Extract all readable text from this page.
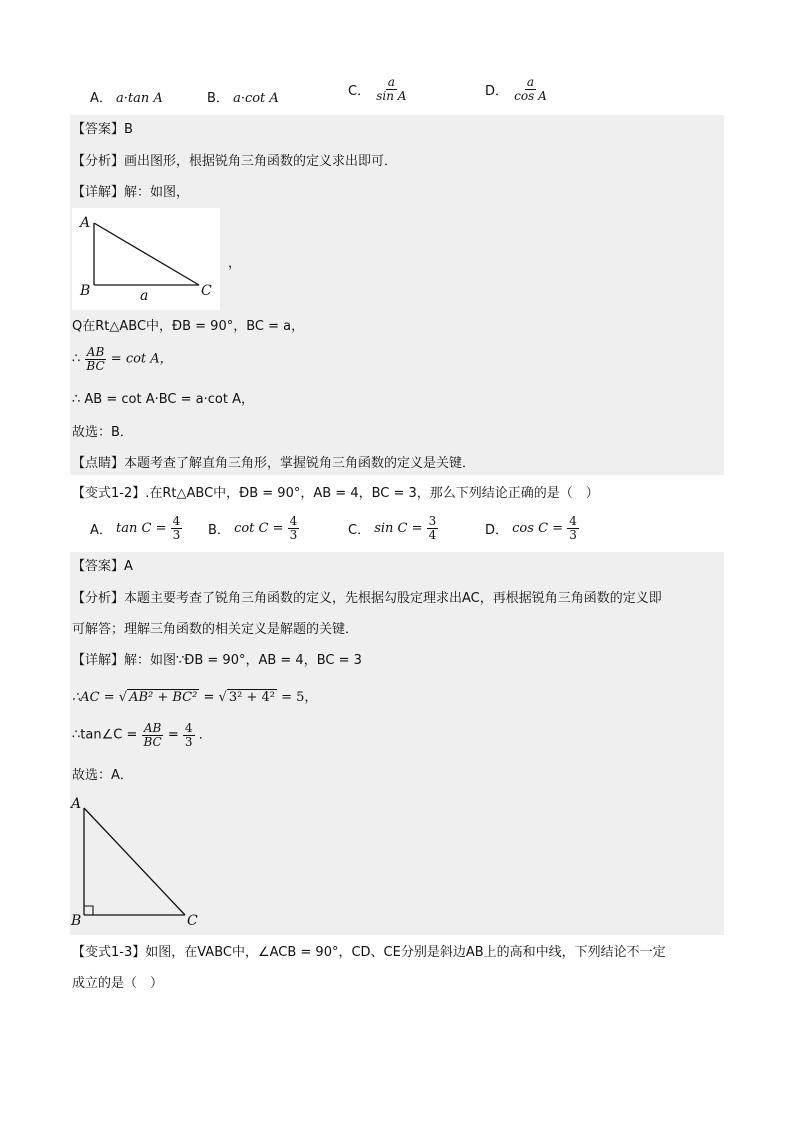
A． a·tan A	B． a·cot A	C． $\frac{a}{\text{sin A}}$	D． $\frac{a}{\text{cos A}}$
【答案】B
【分析】画出图形，根据锐角三角函数的定义求出即可．
【详解】解：如图，
A
B	C
a
，
Q在Rt△ABC中，ÐB = 90°，BC = a，
∴ $\frac{AB}{BC} = \cot A$，
∴ AB = cot A·BC = a·cot A，
故选：B．
【点睛】本题考查了解直角三角形，掌握锐角三角函数的定义是关键．
【变式1-2】.在Rt△ABC中，ÐB = 90°，AB = 4，BC = 3，那么下列结论正确的是（　）
A． $\tan C = \frac{4}{3}$ B． $\cot C = \frac{4}{3}$	C． $\sin C = \frac{3}{4}$	D． $\cos C = \frac{4}{3}$
【答案】A
【分析】本题主要考查了锐角三角函数的定义，先根据勾股定理求出AC，再根据锐角三角函数的定义即
可解答；理解三角函数的相关定义是解题的关键．
【详解】解：如图∵ÐB = 90°，AB = 4，BC = 3
∴AC = √ AB² + BC² = √ 3² + 4² = 5，
∴tan∠C = $\frac{AB}{BC} = \frac{4}{3}$ ．
故选：A．
A
B	C
【变式1-3】如图，在VABC中，∠ACB = 90°，CD、CE分别是斜边AB上的高和中线，下列结论不一定
成立的是（　）
